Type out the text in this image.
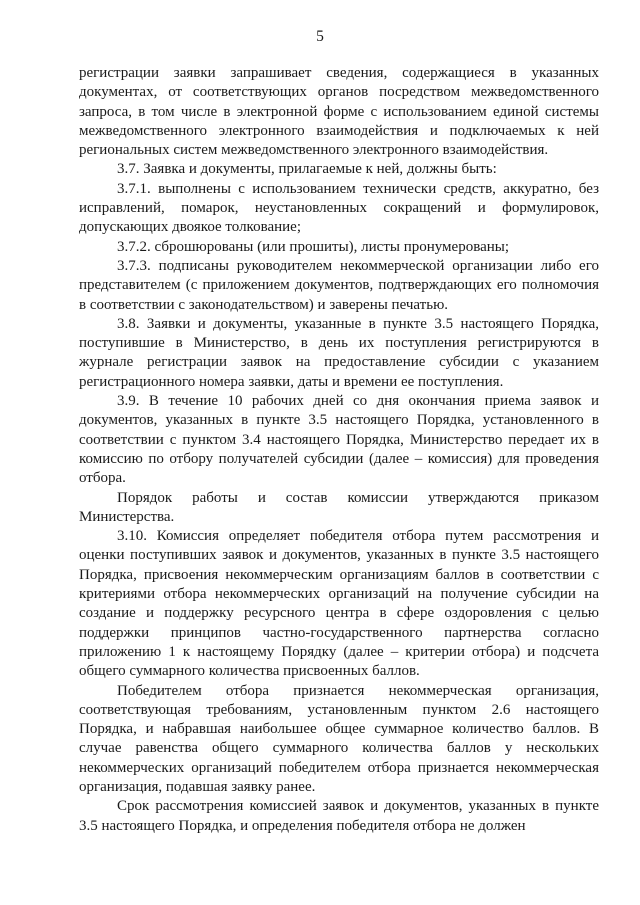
5

регистрации заявки запрашивает сведения, содержащиеся в указанных документах, от соответствующих органов посредством межведомственного запроса, в том числе в электронной форме с использованием единой системы межведомственного электронного взаимодействия и подключаемых к ней региональных систем межведомственного электронного взаимодействия.

3.7. Заявка и документы, прилагаемые к ней, должны быть:

3.7.1. выполнены с использованием технически средств, аккуратно, без исправлений, помарок, неустановленных сокращений и формулировок, допускающих двоякое толкование;

3.7.2. сброшюрованы (или прошиты), листы пронумерованы;

3.7.3. подписаны руководителем некоммерческой организации либо его представителем (с приложением документов, подтверждающих его полномочия в соответствии с законодательством) и заверены печатью.

3.8. Заявки и документы, указанные в пункте 3.5 настоящего Порядка, поступившие в Министерство, в день их поступления регистрируются в журнале регистрации заявок на предоставление субсидии с указанием регистрационного номера заявки, даты и времени ее поступления.

3.9. В течение 10 рабочих дней со дня окончания приема заявок и документов, указанных в пункте 3.5 настоящего Порядка, установленного в соответствии с пунктом 3.4 настоящего Порядка, Министерство передает их в комиссию по отбору получателей субсидии (далее – комиссия) для проведения отбора.

Порядок работы и состав комиссии утверждаются приказом Министерства.

3.10. Комиссия определяет победителя отбора путем рассмотрения и оценки поступивших заявок и документов, указанных в пункте 3.5 настоящего Порядка, присвоения некоммерческим организациям баллов в соответствии с критериями отбора некоммерческих организаций на получение субсидии на создание и поддержку ресурсного центра в сфере оздоровления с целью поддержки принципов частно-государственного партнерства согласно приложению 1 к настоящему Порядку (далее – критерии отбора) и подсчета общего суммарного количества присвоенных баллов.

Победителем отбора признается некоммерческая организация, соответствующая требованиям, установленным пунктом 2.6 настоящего Порядка, и набравшая наибольшее общее суммарное количество баллов. В случае равенства общего суммарного количества баллов у нескольких некоммерческих организаций победителем отбора признается некоммерческая организация, подавшая заявку ранее.

Срок рассмотрения комиссией заявок и документов, указанных в пункте 3.5 настоящего Порядка, и определения победителя отбора не должен
